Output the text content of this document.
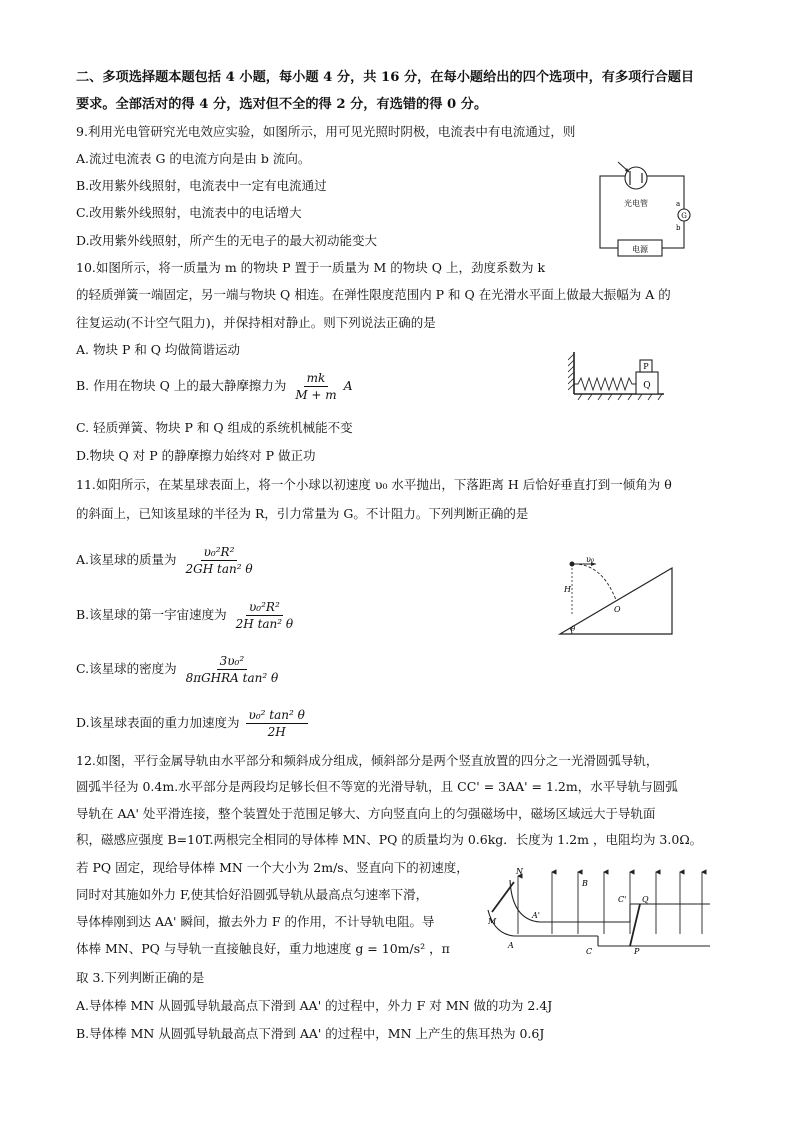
二、多项选择题本题包括 4 小题，每小题 4 分，共 16 分，在每小题给出的四个选项中，有多项行合题目
要求。全部活对的得 4 分，选对但不全的得 2 分，有选错的得 0 分。
9.利用光电管研究光电效应实验，如图所示，用可见光照时阴极，电流表中有电流通过，则
A.流过电流表 G 的电流方向是由 b 流向。
B.改用紫外线照射，电流表中一定有电流通过
C.改用紫外线照射，电流表中的电话增大
D.改用紫外线照射，所产生的无电子的最大初动能变大
光电管
G
a
b
电源
10.如图所示，将一质量为 m 的物块 P 置于一质量为 M 的物块 Q 上，劲度系数为 k
的轻质弹簧一端固定，另一端与物块 Q 相连。在弹性限度范围内 P 和 Q 在光滑水平面上做最大振幅为 A 的
往复运动(不计空气阻力)，并保持相对静止。则下列说法正确的是
A. 物块 P 和 Q 均做简谐运动
B. 作用在物块 Q 上的最大静摩擦力为 $\frac{mk}{M + m}$ A
C. 轻质弹簧、物块 P 和 Q 组成的系统机械能不变
D.物块 Q 对 P 的静摩擦力始终对 P 做正功
Q
P
11.如阳所示，在某星球表面上，将一个小球以初速度 υ₀ 水平抛出，下落距离 H 后恰好垂直打到一倾角为 θ
的斜面上，已知该星球的半径为 R，引力常量为 G。不计阻力。下列判断正确的是
A.该星球的质量为 $\frac{\text{υ₀²R²}}{\text{2GH tan² θ}}$
B.该星球的第一宇宙速度为 $\frac{\text{υ₀²R²}}{\text{2H tan² θ}}$
C.该星球的密度为 $\frac{\text{3υ₀²}}{\text{8πGHRA tan² θ}}$
D.该星球表面的重力加速度为 $\frac{\text{υ₀² tan² θ}}{2H}$
υ₀
H
O
θ
12.如图，平行金属导轨由水平部分和频斜成分组成，倾斜部分是两个竖直放置的四分之一光滑圆弧导轨，
圆弧半径为 0.4m.水平部分是两段均足够长但不等宽的光滑导轨，且 CC' = 3AA' = 1.2m，水平导轨与圆弧
导轨在 AA' 处平滑连接，整个装置处于范围足够大、方向竖直向上的匀强磁场中，磁场区域远大于导轨面
积，磁感应强度 B=10T.两根完全相同的导体棒 MN、PQ 的质量均为 0.6kg．长度为 1.2m ，电阻均为 3.0Ω。
若 PQ 固定，现给导体棒 MN 一个大小为 2m/s、竖直向下的初速度，
同时对其施如外力 F,使其恰好沿圆弧导轨从最高点匀速率下滑，
导体棒刚到达 AA' 瞬间，撤去外力 F 的作用，不计导轨电阻。导
体棒 MN、PQ 与导轨一直接触良好，重力地速度 g = 10m/s² ，π
取 3.下列判断正确的是
A.导体棒 MN 从圆弧导轨最高点下滑到 AA' 的过程中，外力 F 对 MN 做的功为 2.4J
B.导体棒 MN 从圆弧导轨最高点下滑到 AA' 的过程中，MN 上产生的焦耳热为 0.6J
N
M
A
A'
B
C
C'
P
Q
